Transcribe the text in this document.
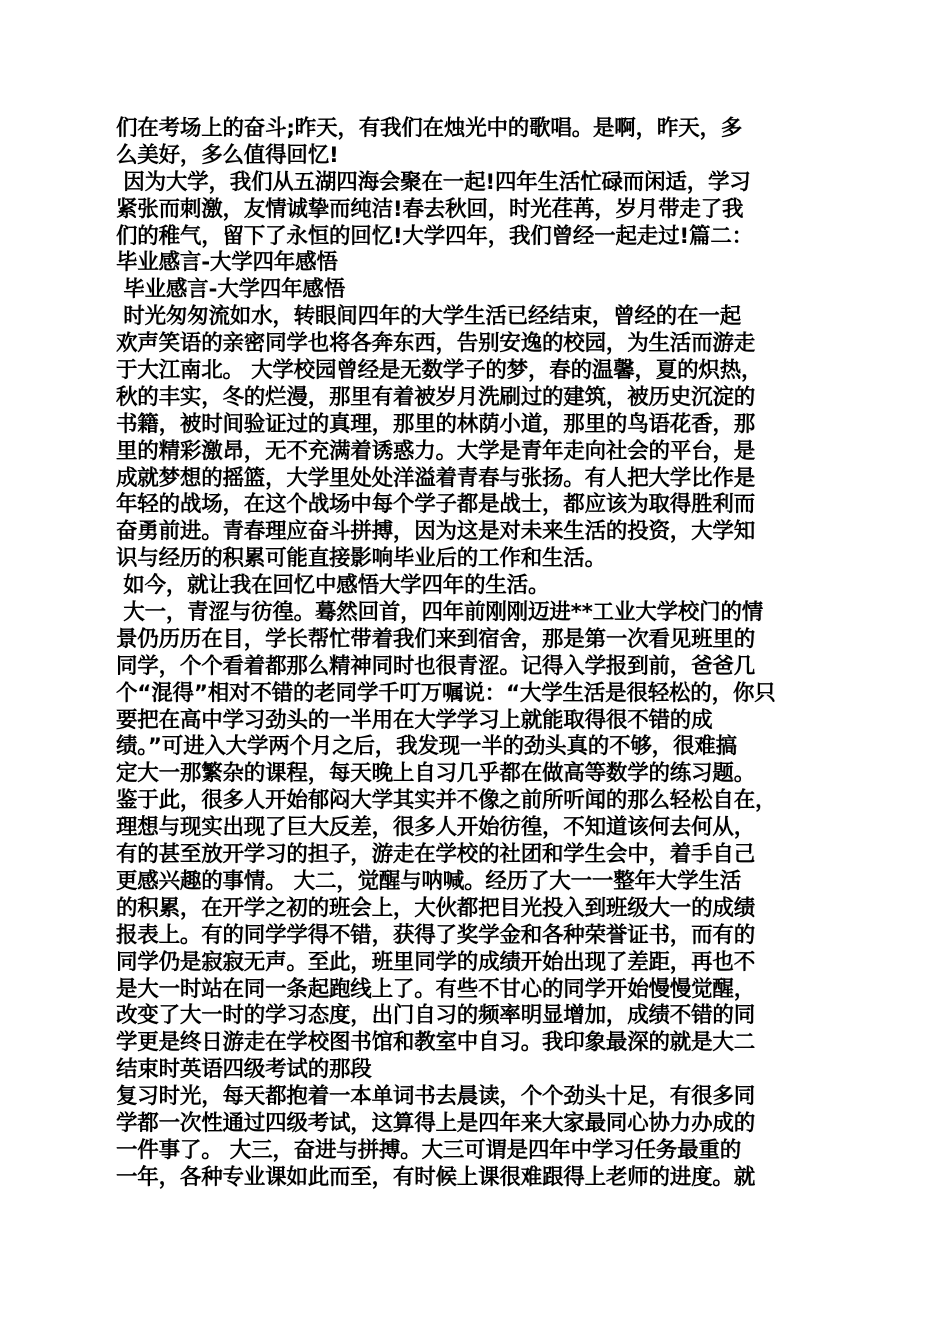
们在考场上的奋斗;昨天，有我们在烛光中的歌唱。是啊，昨天，多
么美好，多么值得回忆!
因为大学，我们从五湖四海会聚在一起!四年生活忙碌而闲适，学习
紧张而刺激，友情诚挚而纯洁!春去秋回，时光荏苒，岁月带走了我
们的稚气，留下了永恒的回忆!大学四年，我们曾经一起走过!篇二：
毕业感言-大学四年感悟
毕业感言-大学四年感悟
时光匆匆流如水，转眼间四年的大学生活已经结束，曾经的在一起
欢声笑语的亲密同学也将各奔东西，告别安逸的校园，为生活而游走
于大江南北。 大学校园曾经是无数学子的梦，春的温馨，夏的炽热，
秋的丰实，冬的烂漫，那里有着被岁月洗刷过的建筑，被历史沉淀的
书籍，被时间验证过的真理，那里的林荫小道，那里的鸟语花香，那
里的精彩激昂，无不充满着诱惑力。大学是青年走向社会的平台，是
成就梦想的摇篮，大学里处处洋溢着青春与张扬。有人把大学比作是
年轻的战场，在这个战场中每个学子都是战士，都应该为取得胜利而
奋勇前进。青春理应奋斗拼搏，因为这是对未来生活的投资，大学知
识与经历的积累可能直接影响毕业后的工作和生活。
如今，就让我在回忆中感悟大学四年的生活。
大一，青涩与彷徨。蓦然回首，四年前刚刚迈进**工业大学校门的情
景仍历历在目，学长帮忙带着我们来到宿舍，那是第一次看见班里的
同学，个个看着都那么精神同时也很青涩。记得入学报到前，爸爸几
个“混得”相对不错的老同学千叮万嘱说：“大学生活是很轻松的，你只
要把在高中学习劲头的一半用在大学学习上就能取得很不错的成
绩。”可进入大学两个月之后，我发现一半的劲头真的不够，很难搞
定大一那繁杂的课程，每天晚上自习几乎都在做高等数学的练习题。
鉴于此，很多人开始郁闷大学其实并不像之前所听闻的那么轻松自在，
理想与现实出现了巨大反差，很多人开始彷徨，不知道该何去何从，
有的甚至放开学习的担子，游走在学校的社团和学生会中，着手自己
更感兴趣的事情。 大二，觉醒与呐喊。经历了大一一整年大学生活
的积累，在开学之初的班会上，大伙都把目光投入到班级大一的成绩
报表上。有的同学学得不错，获得了奖学金和各种荣誉证书，而有的
同学仍是寂寂无声。至此，班里同学的成绩开始出现了差距，再也不
是大一时站在同一条起跑线上了。有些不甘心的同学开始慢慢觉醒，
改变了大一时的学习态度，出门自习的频率明显增加，成绩不错的同
学更是终日游走在学校图书馆和教室中自习。我印象最深的就是大二
结束时英语四级考试的那段
复习时光，每天都抱着一本单词书去晨读，个个劲头十足，有很多同
学都一次性通过四级考试，这算得上是四年来大家最同心协力办成的
一件事了。 大三，奋进与拼搏。大三可谓是四年中学习任务最重的
一年，各种专业课如此而至，有时候上课很难跟得上老师的进度。就
